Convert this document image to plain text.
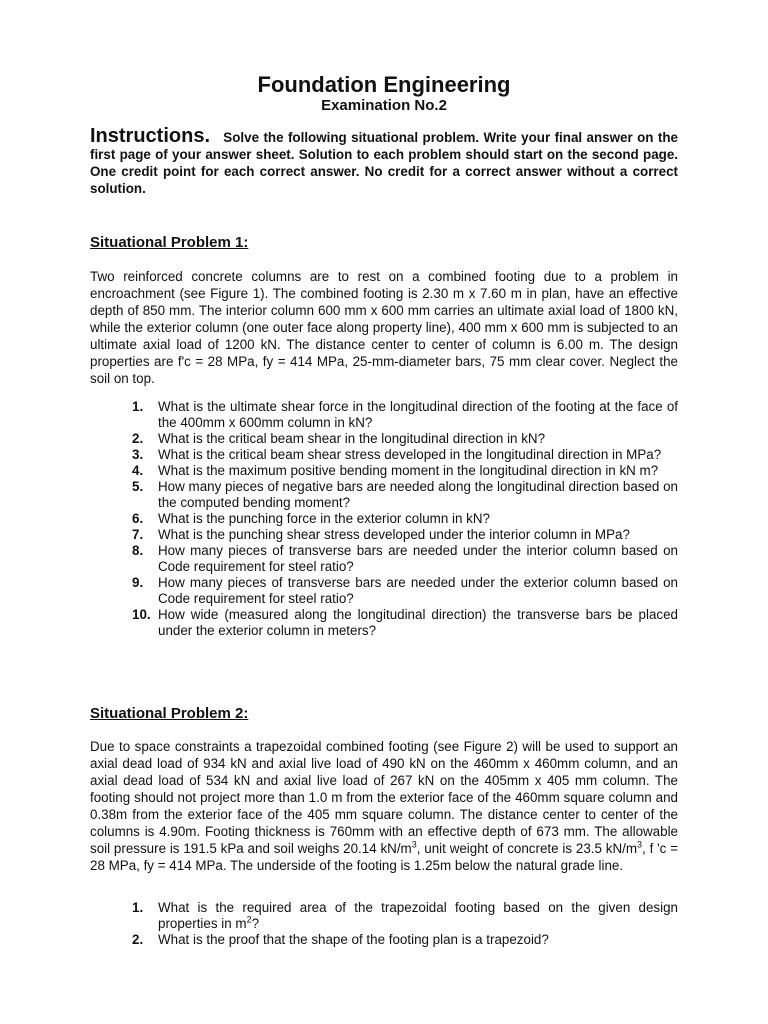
Foundation Engineering
Examination No.2
Instructions. Solve the following situational problem. Write your final answer on the first page of your answer sheet. Solution to each problem should start on the second page. One credit point for each correct answer. No credit for a correct answer without a correct solution.
Situational Problem 1:
Two reinforced concrete columns are to rest on a combined footing due to a problem in encroachment (see Figure 1). The combined footing is 2.30 m x 7.60 m in plan, have an effective depth of 850 mm. The interior column 600 mm x 600 mm carries an ultimate axial load of 1800 kN, while the exterior column (one outer face along property line), 400 mm x 600 mm is subjected to an ultimate axial load of 1200 kN. The distance center to center of column is 6.00 m. The design properties are f'c = 28 MPa, fy = 414 MPa, 25-mm-diameter bars, 75 mm clear cover. Neglect the soil on top.
1. What is the ultimate shear force in the longitudinal direction of the footing at the face of the 400mm x 600mm column in kN?
2. What is the critical beam shear in the longitudinal direction in kN?
3. What is the critical beam shear stress developed in the longitudinal direction in MPa?
4. What is the maximum positive bending moment in the longitudinal direction in kN m?
5. How many pieces of negative bars are needed along the longitudinal direction based on the computed bending moment?
6. What is the punching force in the exterior column in kN?
7. What is the punching shear stress developed under the interior column in MPa?
8. How many pieces of transverse bars are needed under the interior column based on Code requirement for steel ratio?
9. How many pieces of transverse bars are needed under the exterior column based on Code requirement for steel ratio?
10. How wide (measured along the longitudinal direction) the transverse bars be placed under the exterior column in meters?
Situational Problem 2:
Due to space constraints a trapezoidal combined footing (see Figure 2) will be used to support an axial dead load of 934 kN and axial live load of 490 kN on the 460mm x 460mm column, and an axial dead load of 534 kN and axial live load of 267 kN on the 405mm x 405 mm column. The footing should not project more than 1.0 m from the exterior face of the 460mm square column and 0.38m from the exterior face of the 405 mm square column. The distance center to center of the columns is 4.90m. Footing thickness is 760mm with an effective depth of 673 mm. The allowable soil pressure is 191.5 kPa and soil weighs 20.14 $kN/m^3$, unit weight of concrete is 23.5 $kN/m^3$, f 'c = 28 MPa, fy = 414 MPa. The underside of the footing is 1.25m below the natural grade line.
1. What is the required area of the trapezoidal footing based on the given design properties in $m^2$?
2. What is the proof that the shape of the footing plan is a trapezoid?
